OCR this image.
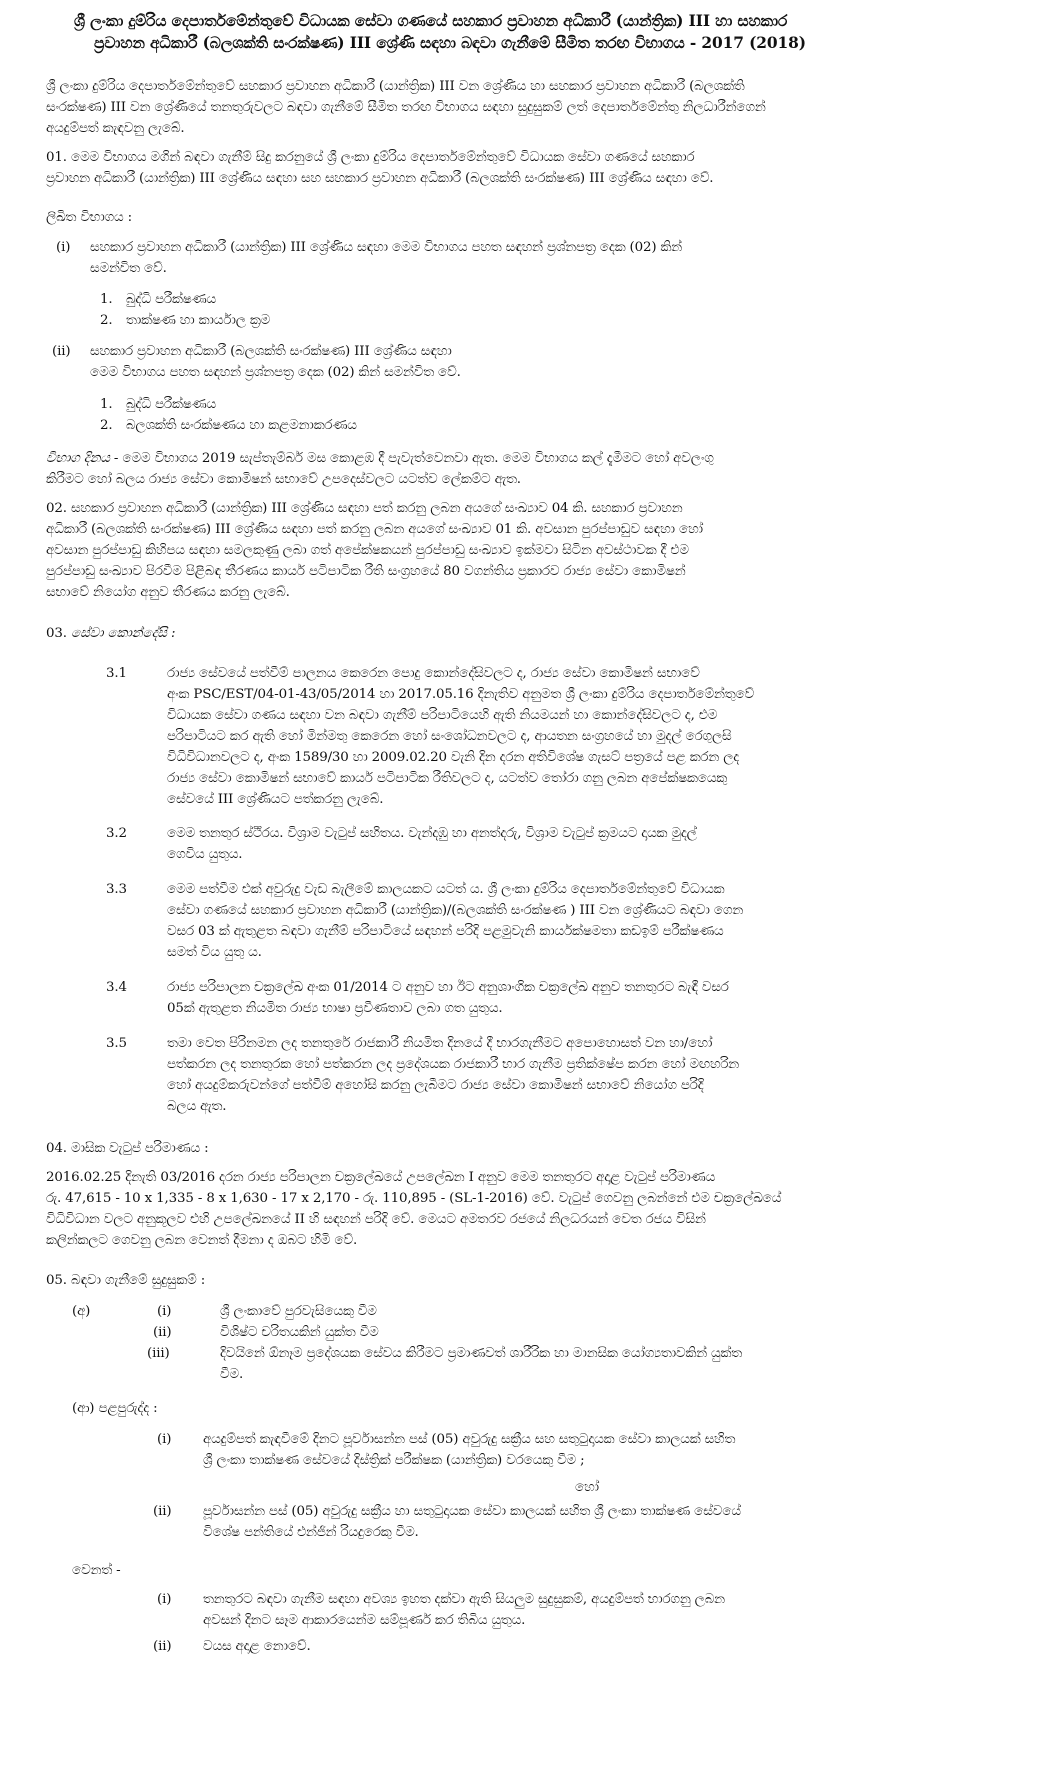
ශ්‍රී ලංකා දුම්රිය දෙපාර්තමේන්තුවේ විධායක සේවා ගණයේ සහකාර ප්‍රවාහන අධිකාරී (යාන්ත්‍රික) III හා සහකාර
ප්‍රවාහන අධිකාරී (බලශක්ති සංරක්ෂණ) III ශ්‍රේණි සඳහා බඳවා ගැනීමේ සීමිත තරඟ විභාගය - 2017 (2018)
ශ්‍රී ලංකා දුම්රිය දෙපාර්තමේන්තුවේ සහකාර ප්‍රවාහන අධිකාරී (යාන්ත්‍රික) III වන ශ්‍රේණිය හා සහකාර ප්‍රවාහන අධිකාරී (බලශක්ති
සංරක්ෂණ) III වන ශ්‍රේණියේ තනතුරුවලට බඳවා ගැනීමේ සීමිත තරඟ විභාගය සඳහා සුදුසුකම් ලත් දෙපාර්තමේන්තු නිලධාරීන්ගෙන්
අයදුම්පත් කැඳවනු ලැබේ.
01. මෙම විභාගය මගින් බඳවා ගැනීම් සිදු කරනුයේ ශ්‍රී ලංකා දුම්රිය දෙපාර්තමේන්තුවේ විධායක සේවා ගණයේ සහකාර
ප්‍රවාහන අධිකාරී (යාන්ත්‍රික) III ශ්‍රේණිය සඳහා සහ සහකාර ප්‍රවාහන අධිකාරී (බලශක්ති සංරක්ෂණ) III ශ්‍රේණිය සඳහා වේ.
ලිඛිත විභාගය :
(i) සහකාර ප්‍රවාහන අධිකාරී (යාන්ත්‍රික) III ශ්‍රේණිය සඳහා මෙම විභාගය පහත සඳහන් ප්‍රශ්නපත්‍ර දෙක (02) කින්
සමන්විත වේ.
1. බුද්ධි පරීක්ෂණය
2. තාක්ෂණ හා කාර්යාල ක්‍රම
(ii) සහකාර ප්‍රවාහන අධිකාරී (බලශක්ති සංරක්ෂණ) III ශ්‍රේණිය සඳහා
මෙම විභාගය පහත සඳහන් ප්‍රශ්නපත්‍ර දෙක (02) කින් සමන්විත වේ.
1. බුද්ධි පරීක්ෂණය
2. බලශක්ති සංරක්ෂණය හා කළමනාකරණය
විභාග දිනය - මෙම විභාගය 2019 සැප්තැම්බර් මස කොළඹ දී පැවැත්වෙනවා ඇත. මෙම විභාගය කල් දැමීමට හෝ අවලංගු
කිරීමට හෝ බලය රාජ්‍ය සේවා කොමිෂන් සභාවේ උපදෙස්වලට යටත්ව ලේකම්ට ඇත.
02. සහකාර ප්‍රවාහන අධිකාරී (යාන්ත්‍රික) III ශ්‍රේණිය සඳහා පත් කරනු ලබන අයගේ සංඛ්‍යාව 04 කි. සහකාර ප්‍රවාහන
අධිකාරී (බලශක්ති සංරක්ෂණ) III ශ්‍රේණිය සඳහා පත් කරනු ලබන අයගේ සංඛ්‍යාව 01 කි. අවසාන පුරප්පාඩුව සඳහා හෝ
අවසාන පුරප්පාඩු කිහිපය සඳහා සමලකුණු ලබා ගත් අපේක්ෂකයන් පුරප්පාඩු සංඛ්‍යාව ඉක්මවා සිටින අවස්ථාවක දී එම
පුරප්පාඩු සංඛ්‍යාව පිරවීම පිළිබඳ තීරණය කාර්ය පටිපාටික රීති සංග්‍රහයේ 80 වගන්තිය ප්‍රකාරව රාජ්‍ය සේවා කොමිෂන්
සභාවේ නියෝග අනුව තීරණය කරනු ලැබේ.
03. සේවා කොන්දේසි :
3.1	රාජ්‍ය සේවයේ පත්වීම් පාලනය කෙරෙන පොදු කොන්දේසිවලට ද, රාජ්‍ය සේවා කොමිෂන් සභාවේ
අංක PSC/EST/04-01-43/05/2014 හා 2017.05.16 දිනැතිව අනුමත ශ්‍රී ලංකා දුම්රිය දෙපාර්තමේන්තුවේ
විධායක සේවා ගණය සඳහා වන බඳවා ගැනීම් පරිපාටියෙහි ඇති නියමයන් හා කොන්දේසිවලට ද, එම
පරිපාටියට කර ඇති හෝ මින්මතු කෙරෙන හෝ සංශෝධනවලට ද, ආයතන සංග්‍රහයේ හා මුදල් රෙගුලසි
විධිවිධානවලට ද, අංක 1589/30 හා 2009.02.20 වැනි දින දරන අතිවිශේෂ ගැසට් පත්‍රයේ පළ කරන ලද
රාජ්‍ය සේවා කොමිෂන් සභාවේ කාර්ය පටිපාටික රීතිවලට ද, යටත්ව තෝරා ගනු ලබන අපේක්ෂකයෙකු
සේවයේ III ශ්‍රේණියට පත්කරනු ලැබේ.
3.2	මෙම තනතුර ස්ථිරය. විශ්‍රාම වැටුප් සහිතය. වැන්දඹු හා අනත්දරු, විශ්‍රාම වැටුප් ක්‍රමයට දායක මුදල්
ගෙවිය යුතුය.
3.3	මෙම පත්වීම එක් අවුරුදු වැඩ බැලීමේ කාලයකට යටත් ය. ශ්‍රී ලංකා දුම්රිය දෙපාර්තමේන්තුවේ විධායක
සේවා ගණයේ සහකාර ප්‍රවාහන අධිකාරී (යාන්ත්‍රික)/(බලශක්ති සංරක්ෂණ ) III වන ශ්‍රේණියට බඳවා ගෙන
වසර 03 ක් ඇතුළත බඳවා ගැනීම් පරිපාටියේ සඳහන් පරිදි පළමුවැනි කාර්යක්ෂමතා කඩඉම් පරීක්ෂණය
සමත් විය යුතු ය.
3.4	රාජ්‍ය පරිපාලන චක්‍රලේඛ අංක 01/2014 ට අනුව හා ඊට අනුශාංගික චක්‍රලේඛ අනුව තනතුරට බැඳී වසර
05ක් ඇතුළත නියමිත රාජ්‍ය භාෂා ප්‍රවීණතාව ලබා ගත යුතුය.
3.5	තමා වෙත පිරිනමන ලද තනතුරේ රාජකාරී නියමිත දිනයේ දී භාරගැනීමට අපොහොසත් වන හා/හෝ
පත්කරන ලද තනතුරක හෝ පත්කරන ලද ප්‍රදේශයක රාජකාරී භාර ගැනීම ප්‍රතික්ෂේප කරන හෝ මඟහරින
හෝ අයදුම්කරුවන්ගේ පත්වීම් අහෝසි කරනු ලැබීමට රාජ්‍ය සේවා කොමිෂන් සභාවේ නියෝග පරිදි
බලය ඇත.
04. මාසික වැටුප් පරිමාණය :
2016.02.25 දිනැති 03/2016 දරන රාජ්‍ය පරිපාලන චක්‍රලේඛයේ උපලේඛන I අනුව මෙම තනතුරට අදාළ වැටුප් පරිමාණය
රු. 47,615 - 10 x 1,335 - 8 x 1,630 - 17 x 2,170 - රු. 110,895 - (SL-1-2016) වේ. වැටුප් ගෙවනු ලබන්නේ එම චක්‍රලේඛයේ
විධිවිධාන වලට අනුකූලව එහි උපලේඛනයේ II හි සඳහන් පරිදි වේ. මෙයට අමතරව රජයේ නිලධරයන් වෙත රජය විසින්
කලින්කලට ගෙවනු ලබන වෙනත් දීමනා ද ඔබට හිමි වේ.
05. බඳවා ගැනීමේ සුදුසුකම් :
(අ)	(i)	ශ්‍රී ලංකාවේ පුරවැසියෙකු වීම
(ii)	විශිෂ්ට චරිතයකින් යුක්ත වීම
(iii)	දිවයිනේ ඕනෑම ප්‍රදේශයක සේවය කිරීමට ප්‍රමාණවත් ශාරීරික හා මානසික යෝග්‍යතාවකින් යුක්ත
වීම.
(ආ) පළපුරුද්ද :
(i) අයදුම්පත් කැඳවීමේ දිනට පූර්වාසන්න පස් (05) අවුරුදු සක්‍රීය සහ සතුටුදායක සේවා කාලයක් සහිත
ශ්‍රී ලංකා තාක්ෂණ සේවයේ දිස්ත්‍රික් පරීක්ෂක (යාන්ත්‍රික) වරයෙකු වීම ;
හෝ
(ii) පූර්වාසන්න පස් (05) අවුරුදු සක්‍රීය හා සතුටුදායක සේවා කාලයක් සහිත ශ්‍රී ලංකා තාක්ෂණ සේවයේ
විශේෂ පන්තියේ එන්ජින් රියදුරෙකු වීම.
වෙනත් -
(i) තනතුරට බඳවා ගැනීම සඳහා අවශ්‍ය ඉහත දක්වා ඇති සියලුම සුදුසුකම්, අයදුම්පත් භාරගනු ලබන
අවසන් දිනට සෑම ආකාරයෙන්ම සම්පූර්ණ කර තිබිය යුතුය.
(ii) වයස අදාළ නොවේ.
